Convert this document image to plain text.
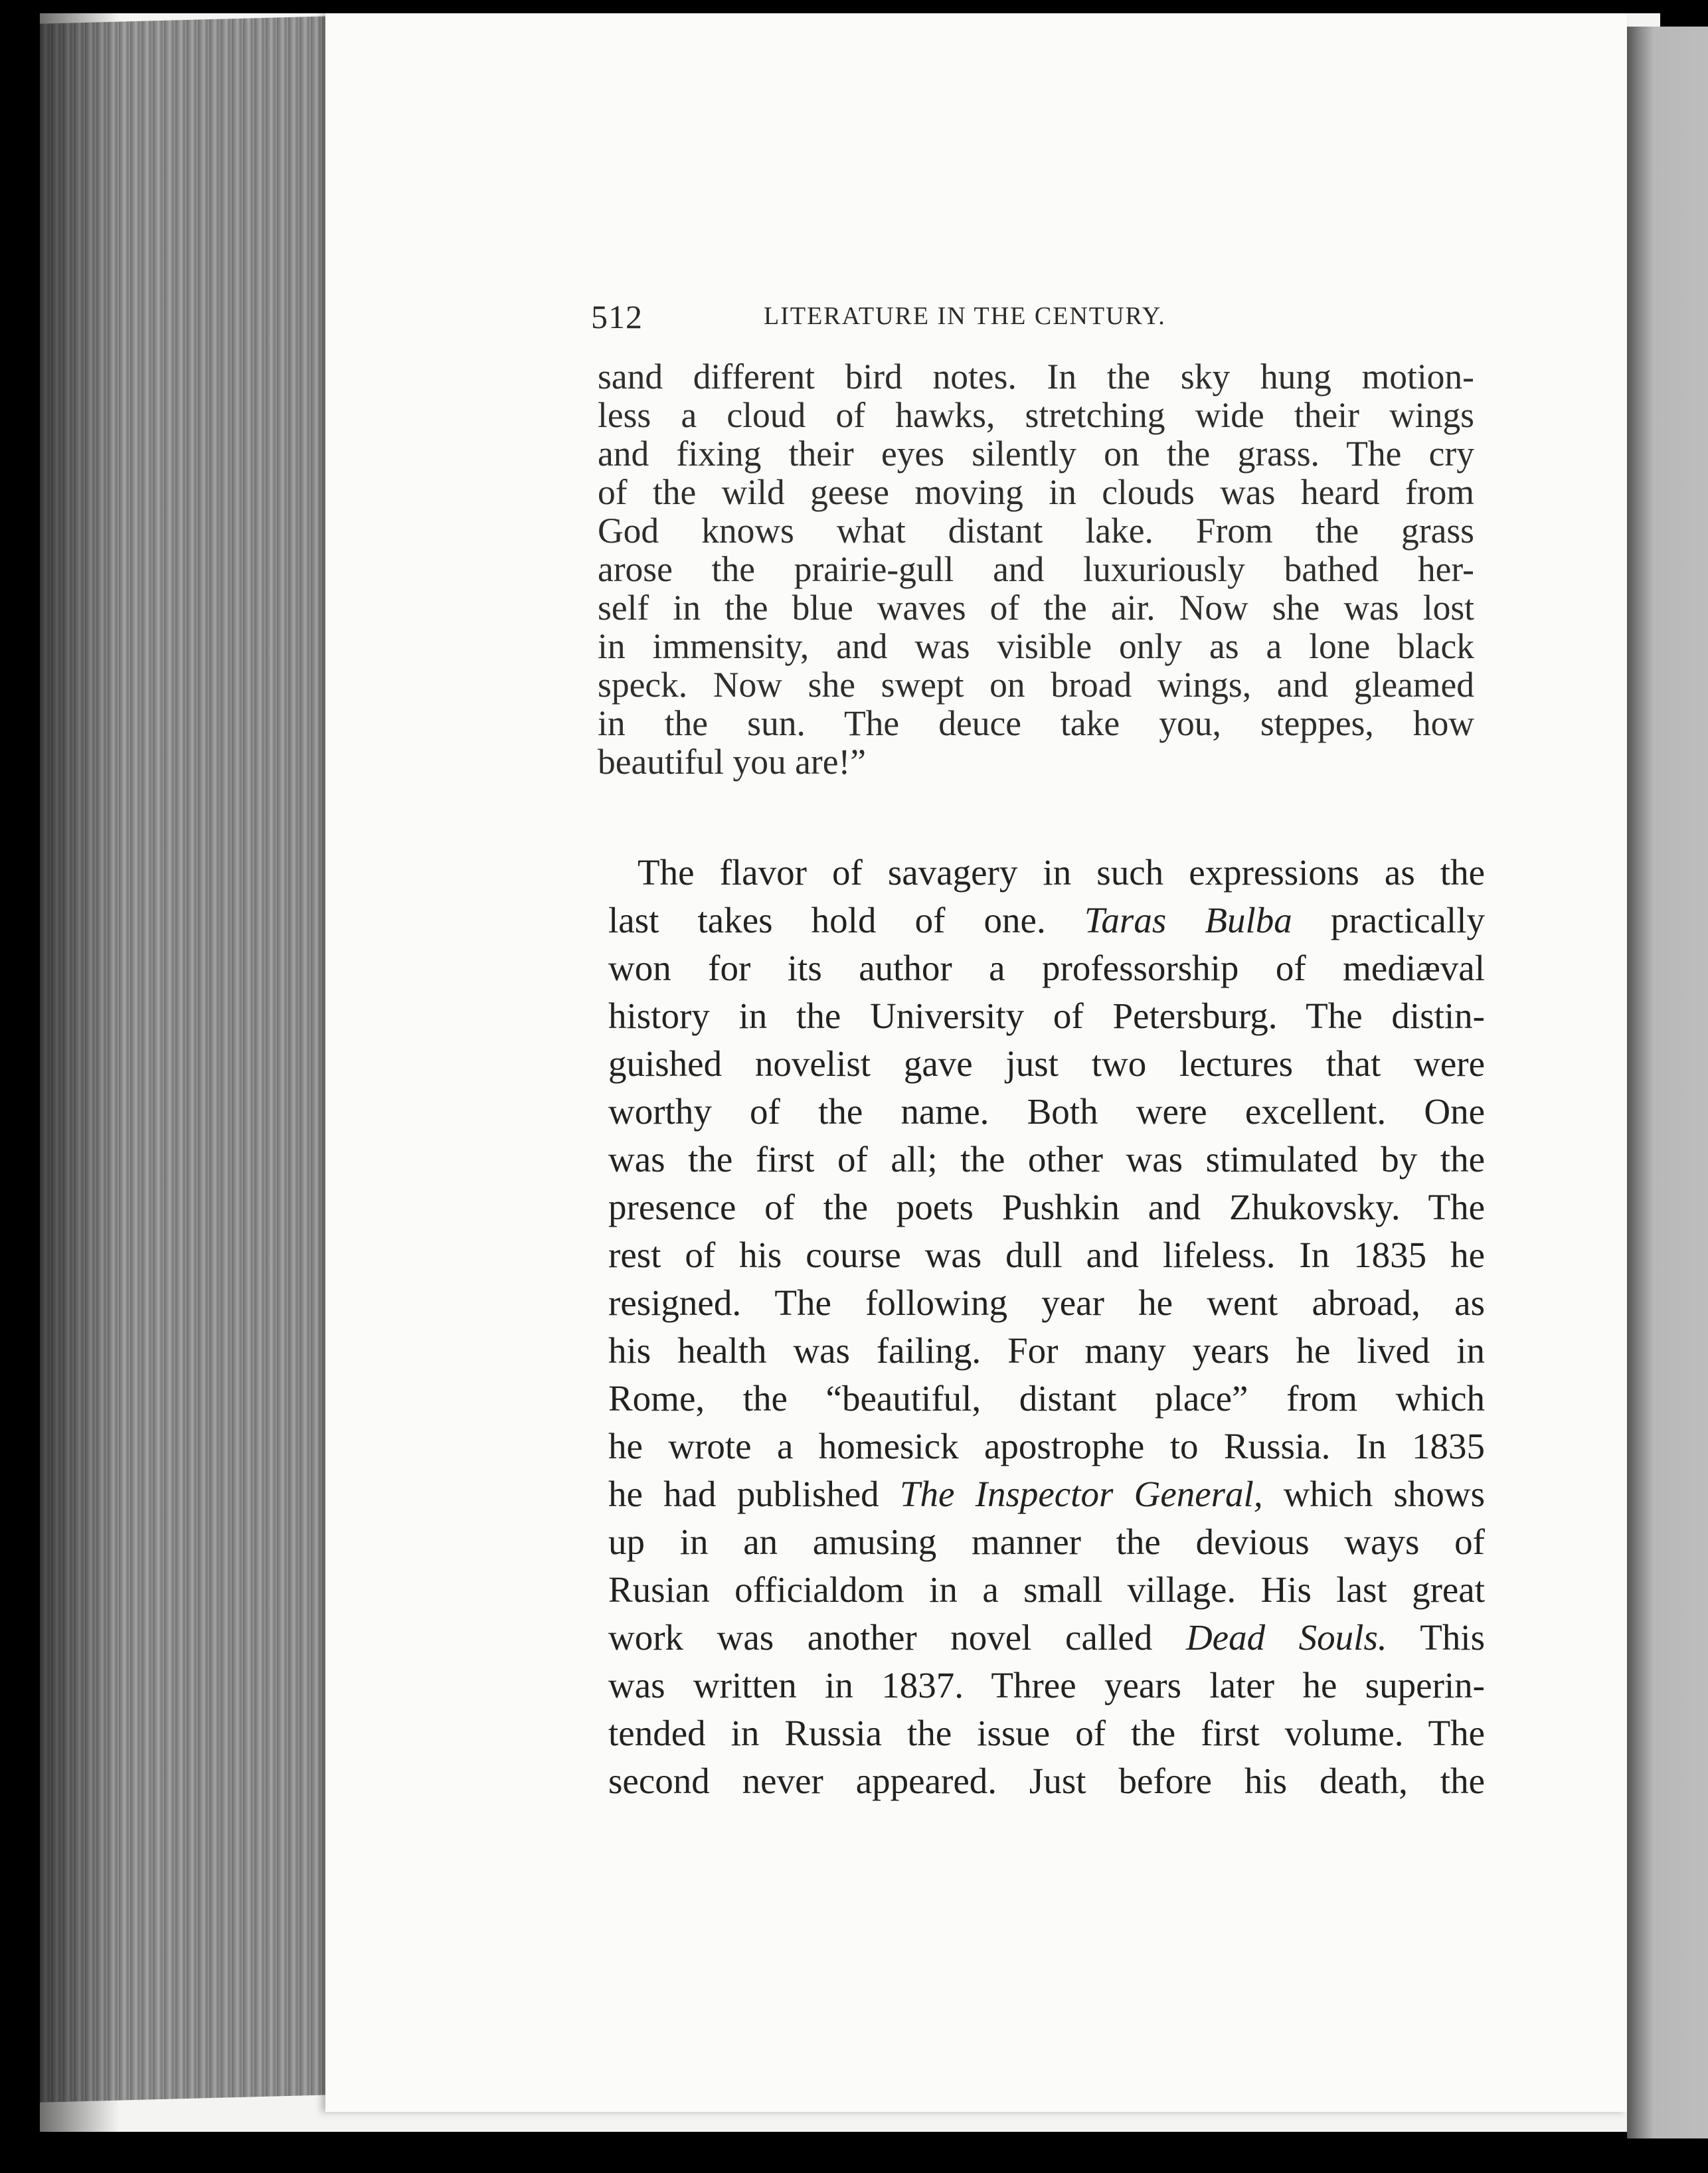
512	LITERATURE IN THE CENTURY.
sand different bird notes. In the sky hung motion-
less a cloud of hawks, stretching wide their wings
and fixing their eyes silently on the grass. The cry
of the wild geese moving in clouds was heard from
God knows what distant lake. From the grass
arose the prairie-gull and luxuriously bathed her-
self in the blue waves of the air. Now she was lost
in immensity, and was visible only as a lone black
speck. Now she swept on broad wings, and gleamed
in the sun. The deuce take you, steppes, how
beautiful you are!”
The flavor of savagery in such expressions as the
last takes hold of one. Taras Bulba practically
won for its author a professorship of mediæval
history in the University of Petersburg. The distin-
guished novelist gave just two lectures that were
worthy of the name. Both were excellent. One
was the first of all; the other was stimulated by the
presence of the poets Pushkin and Zhukovsky. The
rest of his course was dull and lifeless. In 1835 he
resigned. The following year he went abroad, as
his health was failing. For many years he lived in
Rome, the “beautiful, distant place” from which
he wrote a homesick apostrophe to Russia. In 1835
he had published The Inspector General, which shows
up in an amusing manner the devious ways of
Rusian officialdom in a small village. His last great
work was another novel called Dead Souls. This
was written in 1837. Three years later he superin-
tended in Russia the issue of the first volume. The
second never appeared. Just before his death, the
